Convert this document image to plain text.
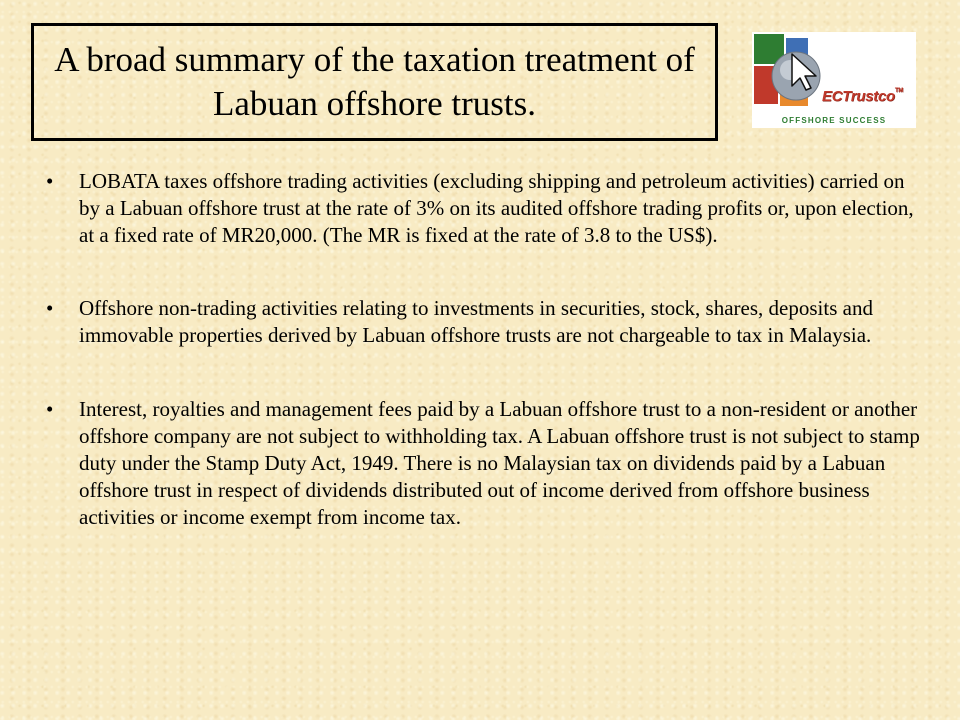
A broad summary of the taxation treatment of Labuan offshore trusts.	ECTrustco™
OFFSHORE SUCCESS
• LOBATA taxes offshore trading activities (excluding shipping and petroleum activities) carried on by a Labuan offshore trust at the rate of 3% on its audited offshore trading profits or, upon election, at a fixed rate of MR20,000. (The MR is fixed at the rate of 3.8 to the US$).
• Offshore non-trading activities relating to investments in securities, stock, shares, deposits and immovable properties derived by Labuan offshore trusts are not chargeable to tax in Malaysia.
• Interest, royalties and management fees paid by a Labuan offshore trust to a non-resident or another offshore company are not subject to withholding tax. A Labuan offshore trust is not subject to stamp duty under the Stamp Duty Act, 1949. There is no Malaysian tax on dividends paid by a Labuan offshore trust in respect of dividends distributed out of income derived from offshore business activities or income exempt from income tax.
